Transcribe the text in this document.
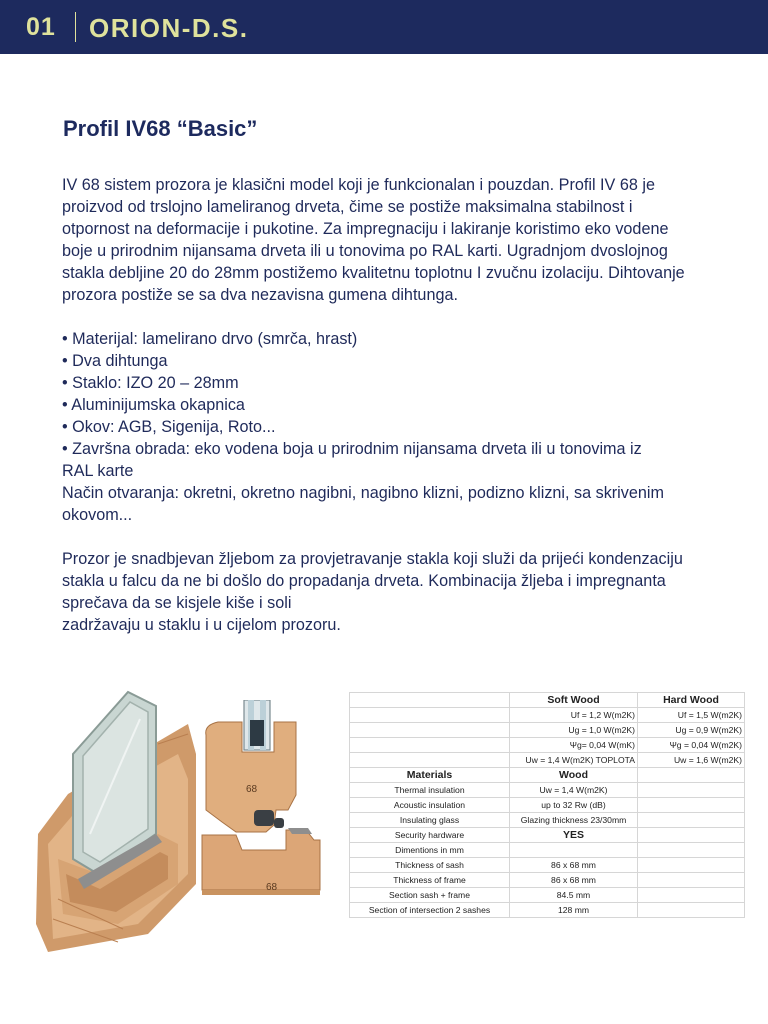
01 ORION-D.S.
Profil IV68 “Basic”

IV 68 sistem prozora je klasični model koji je funkcionalan i pouzdan. Profil IV 68 je proizvod od trslojno lameliranog drveta, čime se postiže maksimalna stabilnost i otpornost na deformacije i pukotine. Za impregnaciju i lakiranje koristimo eko vodene boje u prirodnim nijansama drveta ili u tonovima po RAL karti. Ugradnjom dvoslojnog stakla debljine 20 do 28mm postižemo kvalitetnu toplotnu I zvučnu izolaciju. Dihtovanje prozora postiže se sa dva nezavisna gumena dihtunga.

• Materijal: lamelirano drvo (smrča, hrast)

• Dva dihtunga

• Staklo: IZO 20 – 28mm

• Aluminijumska okapnica

• Okov: AGB, Sigenija, Roto...

• Završna obrada: eko vodena boja u prirodnim nijansama drveta ili u tonovima iz RAL karte

Način otvaranja: okretni, okretno nagibni, nagibno klizni, podizno klizni, sa skrivenim okovom...

Prozor je snadbjevan žljebom za provjetravanje stakla koji služi da prijeći kondenzaciju stakla u falcu da ne bi došlo do propadanja drveta. Kombinacija žljeba i impregnanta sprečava da se kisjele kiše i soli

zadržavaju u staklu i u cijelom prozoru.

68
68
	Soft Wood	Hard Wood
	Uf = 1,2 W(m2K)	Uf = 1,5 W(m2K)
	Ug = 1,0 W(m2K)	Ug = 0,9 W(m2K)
	Ψg= 0,04 W(mK)	Ψg = 0,04 W(m2K)
	Uw = 1,4 W(m2K) TOPLOTA	Uw = 1,6 W(m2K)
Materials	Wood	
Thermal insulation	Uw = 1,4 W(m2K)	
Acoustic insulation	up to 32 Rw (dB)	
Insulating glass	Glazing thickness 23/30mm	
Security hardware	YES	
Dimentions in mm		
Thickness of sash	86 x 68 mm	
Thickness of frame	86 x 68 mm	
Section sash + frame	84.5 mm	
Section of intersection 2 sashes	128 mm	
